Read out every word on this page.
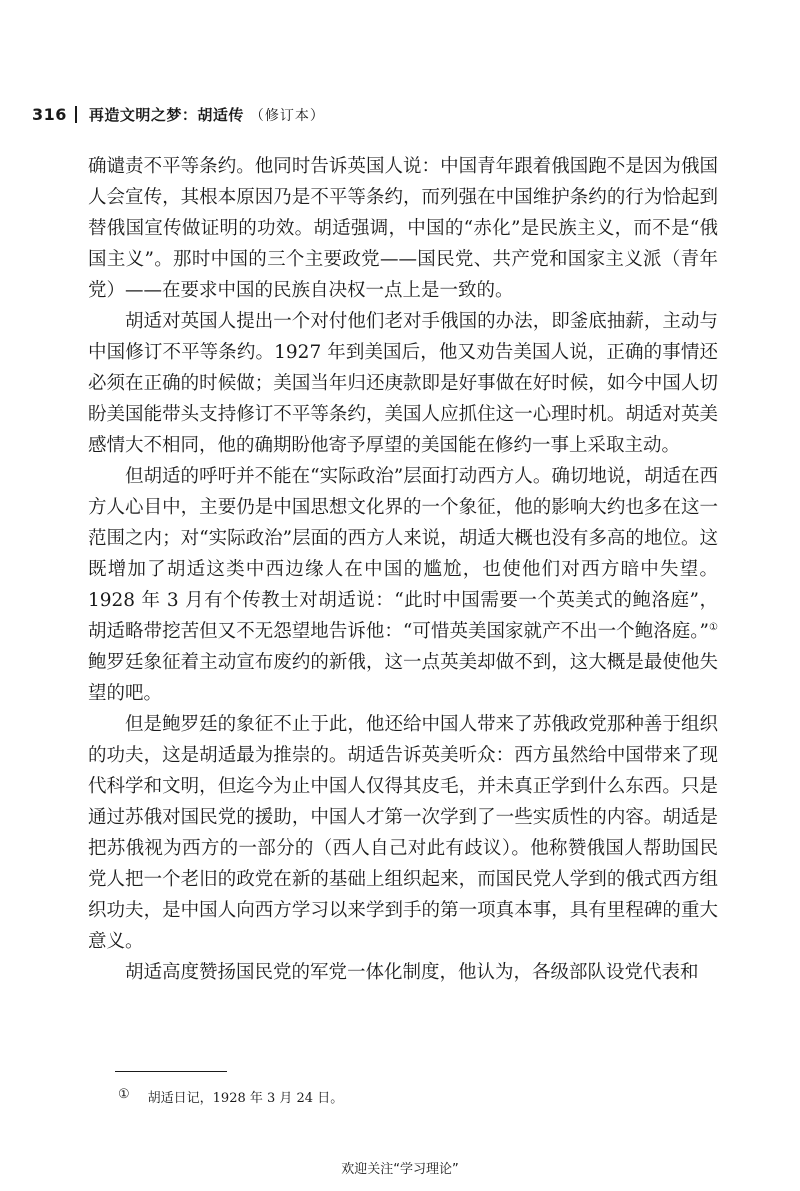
316 再造文明之梦：胡适传 （修订本）

确谴责不平等条约。他同时告诉英国人说：中国青年跟着俄国跑不是因为俄国人会宣传，其根本原因乃是不平等条约，而列强在中国维护条约的行为恰起到替俄国宣传做证明的功效。胡适强调，中国的“赤化”是民族主义，而不是“俄国主义”。那时中国的三个主要政党——国民党、共产党和国家主义派（青年党）——在要求中国的民族自决权一点上是一致的。

胡适对英国人提出一个对付他们老对手俄国的办法，即釜底抽薪，主动与中国修订不平等条约。1927 年到美国后，他又劝告美国人说，正确的事情还必须在正确的时候做；美国当年归还庚款即是好事做在好时候，如今中国人切盼美国能带头支持修订不平等条约，美国人应抓住这一心理时机。胡适对英美感情大不相同，他的确期盼他寄予厚望的美国能在修约一事上采取主动。

但胡适的呼吁并不能在“实际政治”层面打动西方人。确切地说，胡适在西方人心目中，主要仍是中国思想文化界的一个象征，他的影响大约也多在这一范围之内；对“实际政治”层面的西方人来说，胡适大概也没有多高的地位。这既增加了胡适这类中西边缘人在中国的尴尬，也使他们对西方暗中失望。1928 年 3 月有个传教士对胡适说：“此时中国需要一个英美式的鲍洛庭”，胡适略带挖苦但又不无怨望地告诉他：“可惜英美国家就产不出一个鲍洛庭。”① 鲍罗廷象征着主动宣布废约的新俄，这一点英美却做不到，这大概是最使他失望的吧。

但是鲍罗廷的象征不止于此，他还给中国人带来了苏俄政党那种善于组织的功夫，这是胡适最为推崇的。胡适告诉英美听众：西方虽然给中国带来了现代科学和文明，但迄今为止中国人仅得其皮毛，并未真正学到什么东西。只是通过苏俄对国民党的援助，中国人才第一次学到了一些实质性的内容。胡适是把苏俄视为西方的一部分的（西人自己对此有歧议）。他称赞俄国人帮助国民党人把一个老旧的政党在新的基础上组织起来，而国民党人学到的俄式西方组织功夫，是中国人向西方学习以来学到手的第一项真本事，具有里程碑的重大意义。

胡适高度赞扬国民党的军党一体化制度，他认为，各级部队设党代表和

① 胡适日记，1928 年 3 月 24 日。
欢迎关注“学习理论”
